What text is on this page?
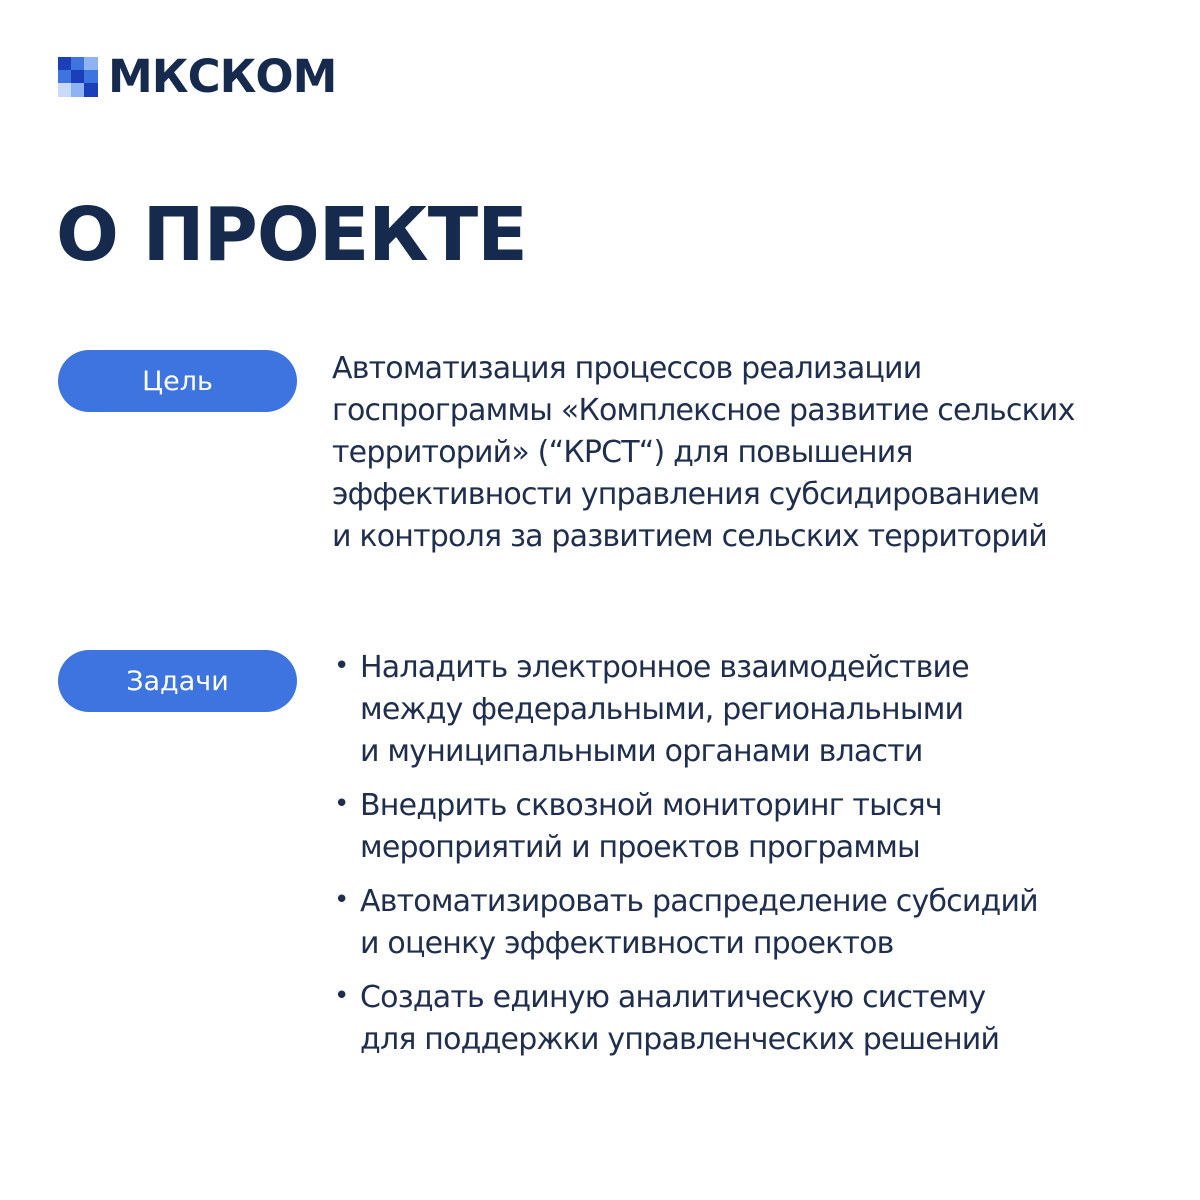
МКСКОМ
О ПРОЕКТЕ
Цель	Автоматизация процессов реализации
госпрограммы «Комплексное развитие сельских
территорий» (“КРСТ“) для повышения
эффективности управления субсидированием
и контроля за развитием сельских территорий

Задачи	• Наладить электронное взаимодействие
между федеральными, региональными
и муниципальными органами власти
• Внедрить сквозной мониторинг тысяч
мероприятий и проектов программы
• Автоматизировать распределение субсидий
и оценку эффективности проектов
• Создать единую аналитическую систему
для поддержки управленческих решений
